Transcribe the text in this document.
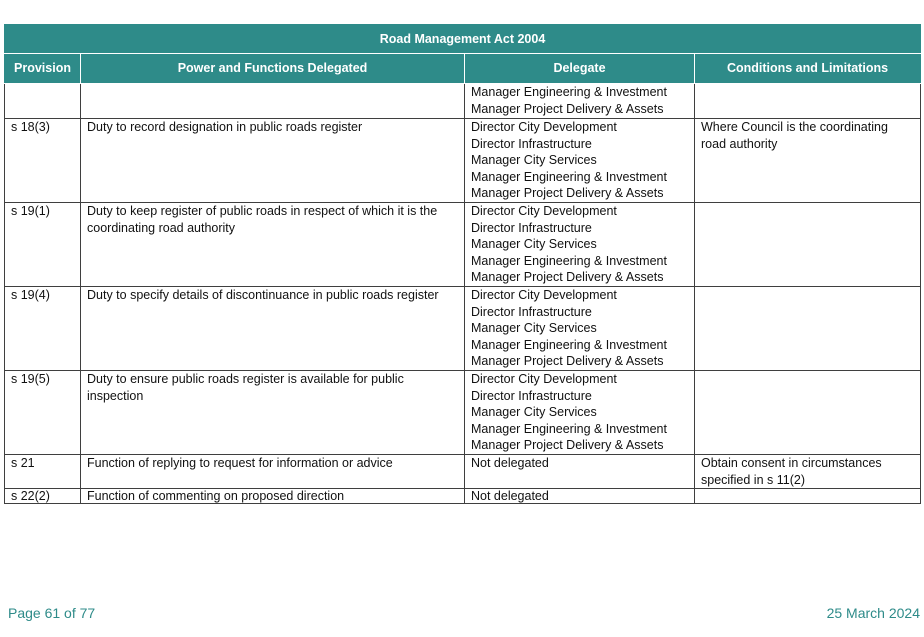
Road Management Act 2004			
Provision	Power and Functions Delegated	Delegate	Conditions and Limitations

		Manager Engineering & Investment
Manager Project Delivery & Assets	

s 18(3)	Duty to record designation in public roads register	Director City Development
Director Infrastructure
Manager City Services
Manager Engineering & Investment
Manager Project Delivery & Assets	Where Council is the coordinating road authority
s 19(1)	Duty to keep register of public roads in respect of which it is the coordinating road authority	Director City Development
Director Infrastructure
Manager City Services
Manager Engineering & Investment
Manager Project Delivery & Assets	

s 19(4)	Duty to specify details of discontinuance in public roads register	Director City Development
Director Infrastructure
Manager City Services
Manager Engineering & Investment
Manager Project Delivery & Assets	

s 19(5)	Duty to ensure public roads register is available for public inspection	Director City Development
Director Infrastructure
Manager City Services
Manager Engineering & Investment
Manager Project Delivery & Assets	

s 21	Function of replying to request for information or advice	Not delegated	Obtain consent in circumstances specified in s 11(2)
s 22(2)	Function of commenting on proposed direction	Not delegated	

Page 61 of 77	25 March 2024
